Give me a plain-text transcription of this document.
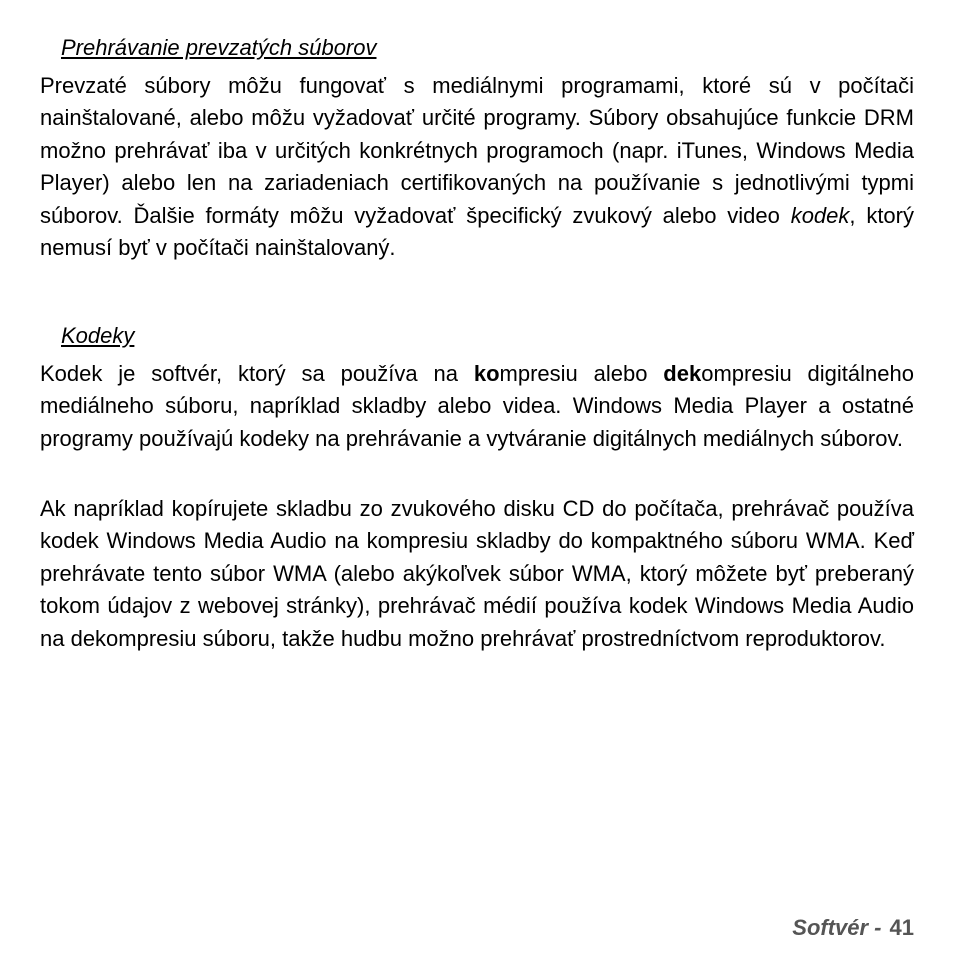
Prehrávanie prevzatých súborov

Prevzaté súbory môžu fungovať s mediálnymi programami, ktoré sú v počítači nainštalované, alebo môžu vyžadovať určité programy. Súbory obsahujúce funkcie DRM možno prehrávať iba v určitých konkrétnych programoch (napr. iTunes, Windows Media Player) alebo len na zariadeniach certifikovaných na používanie s jednotlivými typmi súborov. Ďalšie formáty môžu vyžadovať špecifický zvukový alebo video kodek, ktorý nemusí byť v počítači nainštalovaný.

Kodeky

Kodek je softvér, ktorý sa používa na kompresiu alebo dekompresiu digitálneho mediálneho súboru, napríklad skladby alebo videa. Windows Media Player a ostatné programy používajú kodeky na prehrávanie a vytváranie digitálnych mediálnych súborov.

Ak napríklad kopírujete skladbu zo zvukového disku CD do počítača, prehrávač používa kodek Windows Media Audio na kompresiu skladby do kompaktného súboru WMA. Keď prehrávate tento súbor WMA (alebo akýkoľvek súbor WMA, ktorý môžete byť preberaný tokom údajov z webovej stránky), prehrávač médií používa kodek Windows Media Audio na dekompresiu súboru, takže hudbu možno prehrávať prostredníctvom reproduktorov.

Softvér - 41
